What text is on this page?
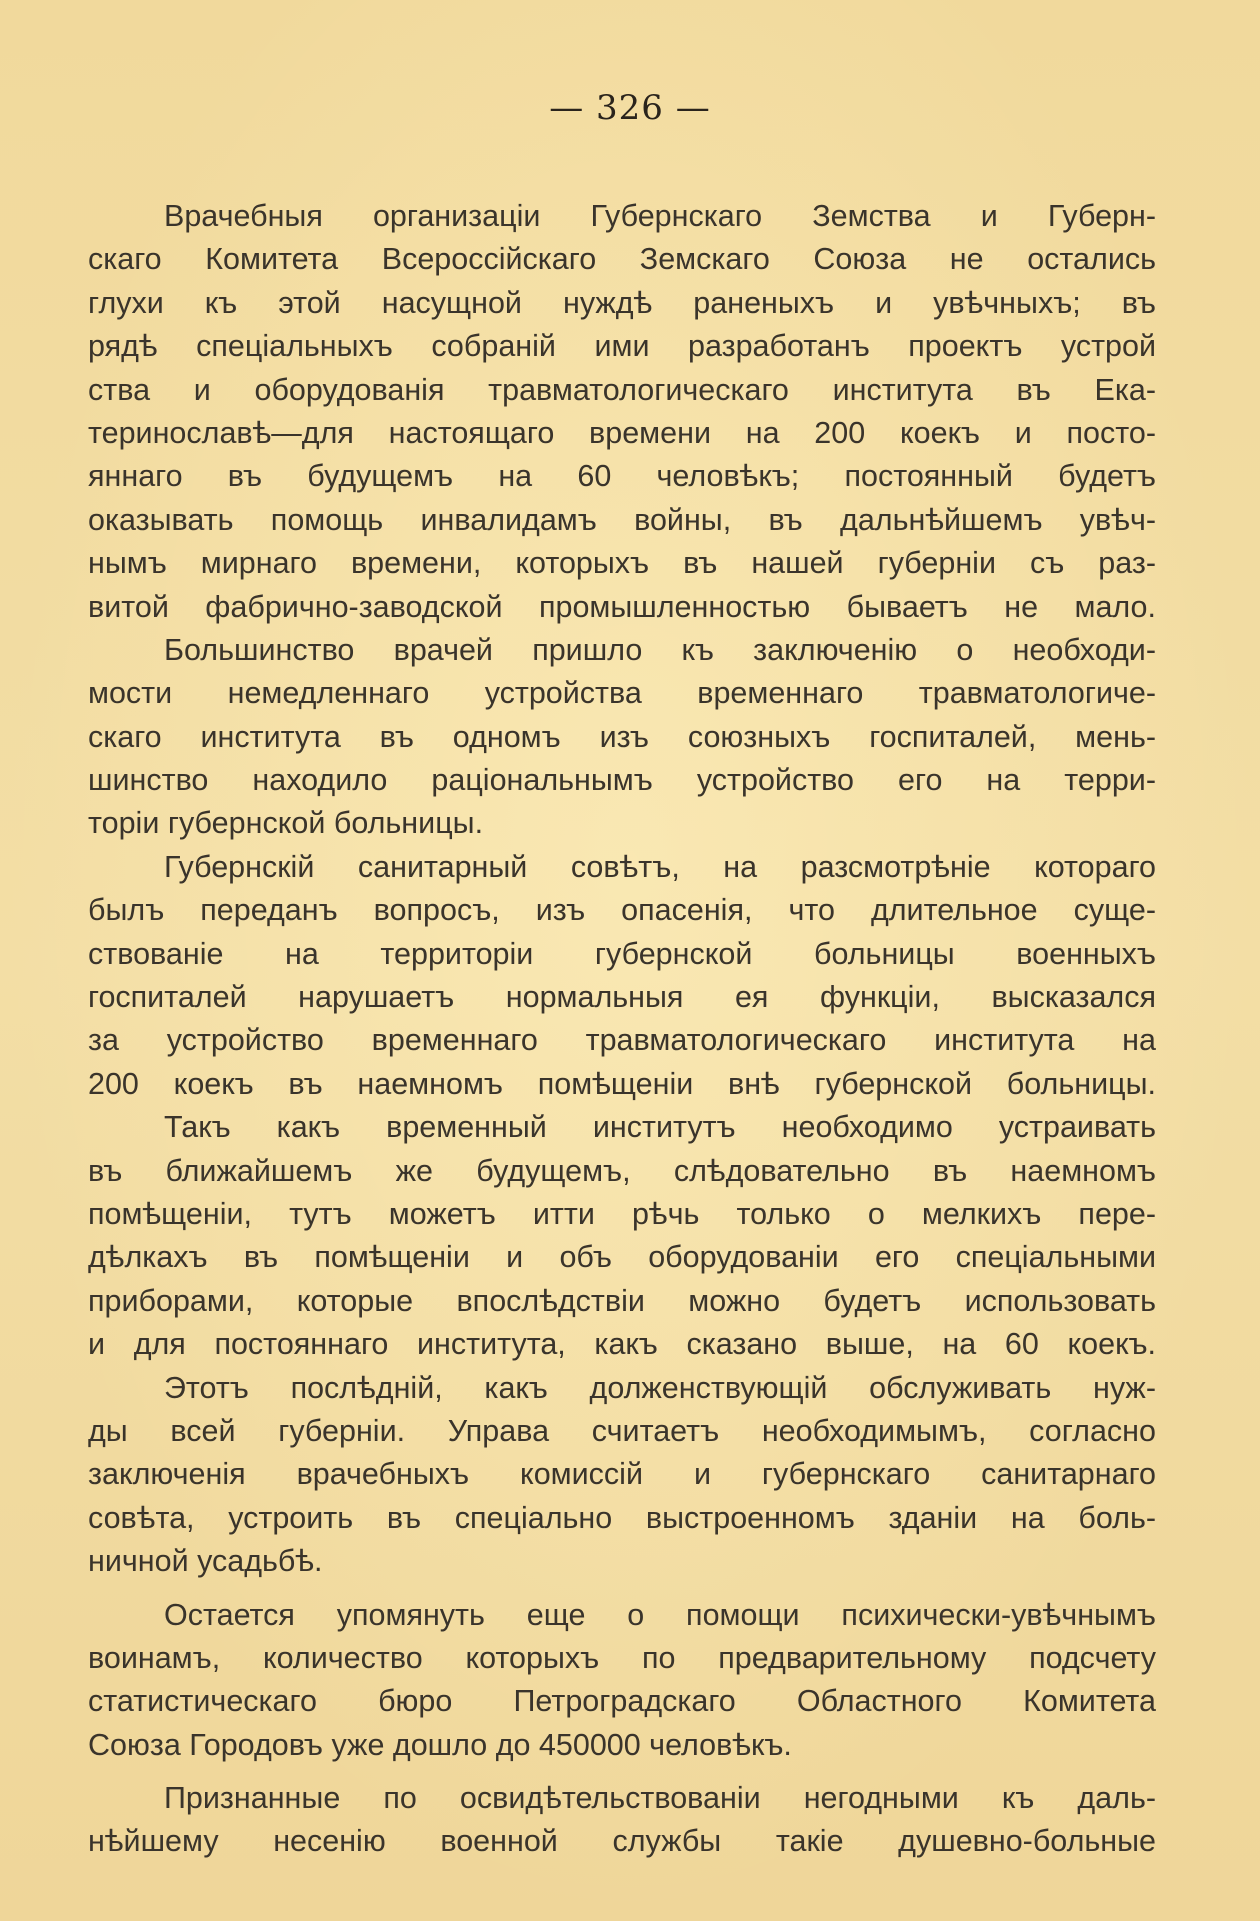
— 326 —
Врачебныя организаціи Губернскаго Земства и Губерн-
скаго Комитета Всероссійскаго Земскаго Союза не остались
глухи къ этой насущной нуждѣ раненыхъ и увѣчныхъ; въ
рядѣ спеціальныхъ собраній ими разработанъ проектъ устрой
ства и оборудованія травматологическаго института въ Ека-
теринославѣ—для настоящаго времени на 200 коекъ и посто-
яннаго въ будущемъ на 60 человѣкъ; постоянный будетъ
оказывать помощь инвалидамъ войны, въ дальнѣйшемъ увѣч-
нымъ мирнаго времени, которыхъ въ нашей губерніи съ раз-
витой фабрично-заводской промышленностью бываетъ не мало.
Большинство врачей пришло къ заключенію о необходи-
мости немедленнаго устройства временнаго травматологиче-
скаго института въ одномъ изъ союзныхъ госпиталей, мень-
шинство находило раціональнымъ устройство его на терри-
торіи губернской больницы.
Губернскій санитарный совѣтъ, на разсмотрѣніе котораго
былъ переданъ вопросъ, изъ опасенія, что длительное суще-
ствованіе на территоріи губернской больницы военныхъ
госпиталей нарушаетъ нормальныя ея функціи, высказался
за устройство временнаго травматологическаго института на
200 коекъ въ наемномъ помѣщеніи внѣ губернской больницы.
Такъ какъ временный институтъ необходимо устраивать
въ ближайшемъ же будущемъ, слѣдовательно въ наемномъ
помѣщеніи, тутъ можетъ итти рѣчь только о мелкихъ пере-
дѣлкахъ въ помѣщеніи и объ оборудованіи его спеціальными
приборами, которые впослѣдствіи можно будетъ использовать
и для постояннаго института, какъ сказано выше, на 60 коекъ.
Этотъ послѣдній, какъ долженствующій обслуживать нуж-
ды всей губерніи. Управа считаетъ необходимымъ, согласно
заключенія врачебныхъ комиссій и губернскаго санитарнаго
совѣта, устроить въ спеціально выстроенномъ зданіи на боль-
ничной усадьбѣ.
Остается упомянуть еще о помощи психически-увѣчнымъ
воинамъ, количество которыхъ по предварительному подсчету
статистическаго бюро Петроградскаго Областного Комитета
Союза Городовъ уже дошло до 450000 человѣкъ.
Признанные по освидѣтельствованіи негодными къ даль-
нѣйшему несенію военной службы такіе душевно-больные
